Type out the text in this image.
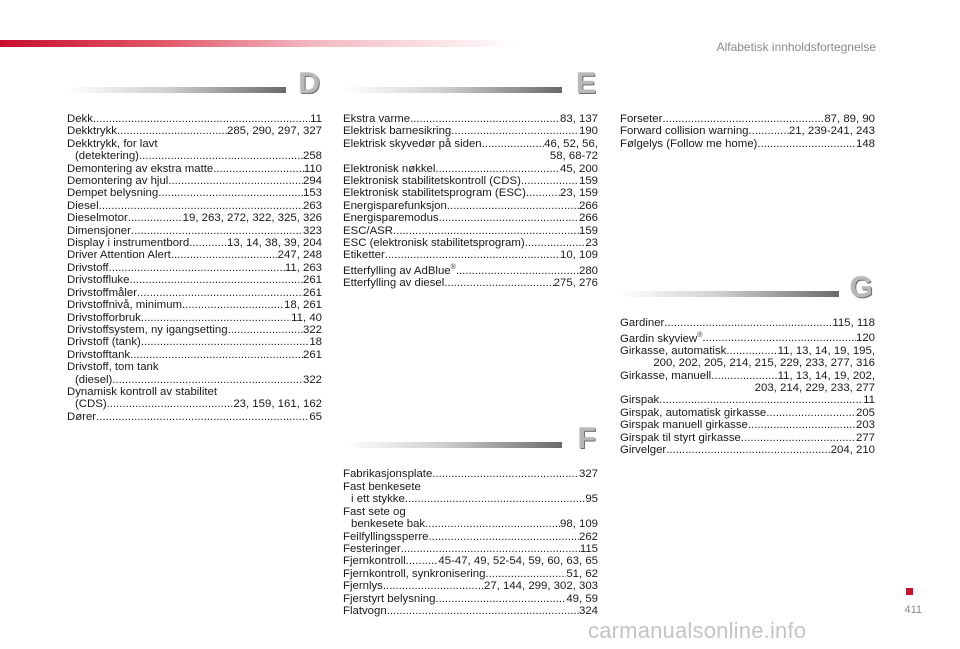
Alfabetisk innholdsfortegnelse
D
Dekk .....	11
Dekktrykk .....	285, 290, 297, 327
Dekktrykk, for lavt
(detektering) .....	258
Demontering av ekstra matte .....	110
Demontering av hjul .....	294
Dempet belysning .....	153
Diesel .....	263
Dieselmotor .....	19, 263, 272, 322, 325, 326
Dimensjoner .....	323
Display i instrumentbord .....	13, 14, 38, 39, 204
Driver Attention Alert .....	247, 248
Drivstoff .....	11, 263
Drivstoffluke .....	261
Drivstoffmåler .....	261
Drivstoffnivå, minimum .....	18, 261
Drivstofforbruk .....	11, 40
Drivstoffsystem, ny igangsetting .....	322
Drivstoff (tank) .....	18
Drivstofftank .....	261
Drivstoff, tom tank
(diesel) .....	322
Dynamisk kontroll av stabilitet
(CDS) .....	23, 159, 161, 162
Dører .....	65
E
Ekstra varme .....	83, 137
Elektrisk barnesikring .....	190
Elektrisk skyvedør på siden .....	46, 52, 56,
58, 68-72
Elektronisk nøkkel .....	45, 200
Elektronisk stabilitetskontroll (CDS) .....	159
Elektronisk stabilitetsprogram (ESC) .....	23, 159
Energisparefunksjon .....	266
Energisparemodus .....	266
ESC/ASR .....	159
ESC (elektronisk stabilitetsprogram) .....	23
Etiketter .....	10, 109
Etterfylling av AdBlue® .....	280
Etterfylling av diesel .....	275, 276
F
Fabrikasjonsplate .....	327
Fast benkesete
i ett stykke .....	95
Fast sete og
benkesete bak .....	98, 109
Feilfyllingssperre .....	262
Festeringer .....	115
Fjernkontroll .....	45-47, 49, 52-54, 59, 60, 63, 65
Fjernkontroll, synkronisering .....	51, 62
Fjernlys .....	27, 144, 299, 302, 303
Fjerstyrt belysning .....	49, 59
Flatvogn .....	324
Forseter .....	87, 89, 90
Forward collision warning .....	21, 239-241, 243
Følgelys (Follow me home) .....	148
G
Gardiner .....	115, 118
Gardin skyview® .....	120
Girkasse, automatisk .....	11, 13, 14, 19, 195,
200, 202, 205, 214, 215, 229, 233, 277, 316
Girkasse, manuell .....	11, 13, 14, 19, 202,
203, 214, 229, 233, 277
Girspak .....	11
Girspak, automatisk girkasse .....	205
Girspak manuell girkasse .....	203
Girspak til styrt girkasse .....	277
Girvelger .....	204, 210
411
carmanualsonline.info
